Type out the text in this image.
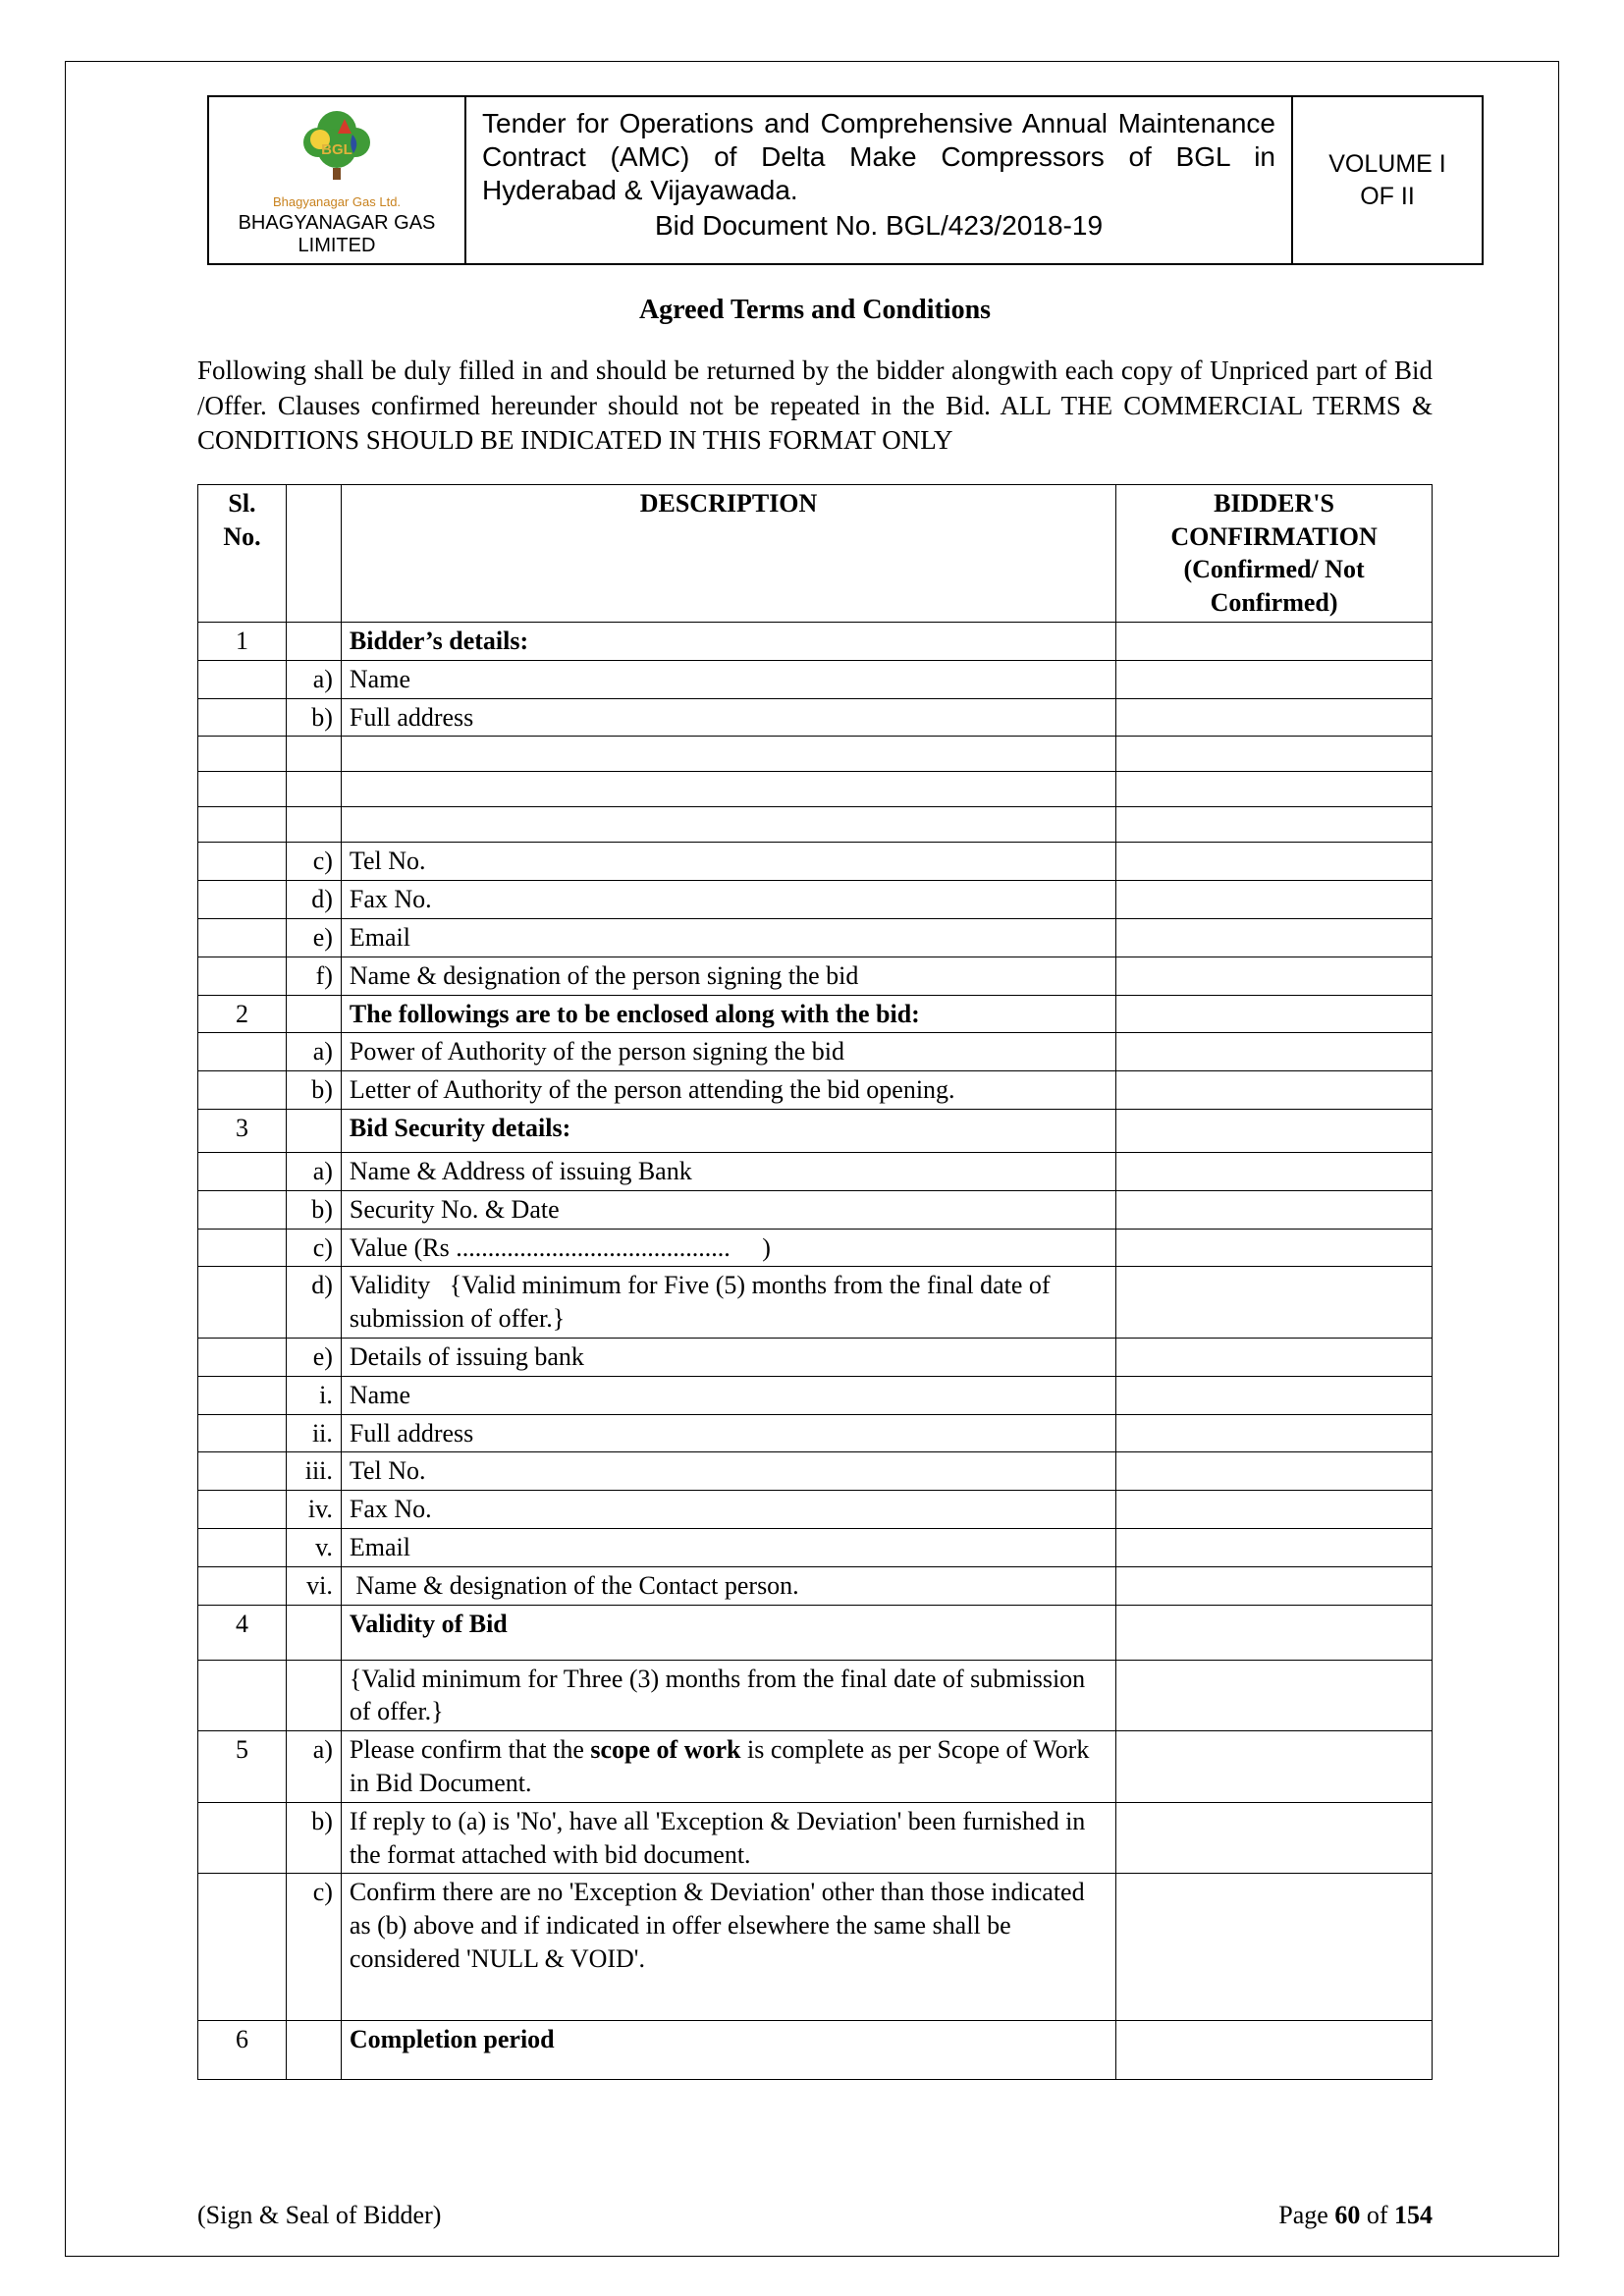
BGL
Bhagyanagar Gas Ltd.
BHAGYANAGAR GAS
LIMITED
Tender for Operations and Comprehensive Annual Maintenance Contract (AMC) of Delta Make Compressors of BGL in Hyderabad & Vijayawada.
Bid Document No. BGL/423/2018-19
VOLUME I
OF II
Agreed Terms and Conditions
Following shall be duly filled in and should be returned by the bidder alongwith each copy of Unpriced part of Bid /Offer. Clauses confirmed hereunder should not be repeated in the Bid. ALL THE COMMERCIAL TERMS & CONDITIONS SHOULD BE INDICATED IN THIS FORMAT ONLY
Sl. No.		DESCRIPTION	BIDDER'S CONFIRMATION (Confirmed/ Not Confirmed)

1		Bidder’s details:	
	a)	Name	
	b)	Full address	

	c)	Tel No.	
	d)	Fax No.	
	e)	Email	
	f)	Name & designation of the person signing the bid	
2		The followings are to be enclosed along with the bid:	
	a)	Power of Authority of the person signing the bid	
	b)	Letter of Authority of the person attending the bid opening.	
3		Bid Security details:	
	a)	Name & Address of issuing Bank	
	b)	Security No. & Date	
	c)	Value (Rs ...........................................     )	
	d)	Validity   {Valid minimum for Five (5) months from the final date of submission of offer.}	
	e)	Details of issuing bank	
	i.	Name	
	ii.	Full address	
	iii.	Tel No.	
	iv.	Fax No.	
	v.	Email	
	vi.	Name & designation of the Contact person.	
4		Validity of Bid	
		{Valid minimum for Three (3) months from the final date of submission of offer.}	
5	a)	Please confirm that the scope of work is complete as per Scope of Work in Bid Document.	
	b)	If reply to (a) is 'No', have all 'Exception & Deviation' been furnished in the format attached with bid document.	
	c)	Confirm there are no 'Exception & Deviation' other than those indicated as (b) above and if indicated in offer elsewhere the same shall be considered 'NULL & VOID'.	
6		Completion period	
(Sign & Seal of Bidder)	Page 60 of 154
